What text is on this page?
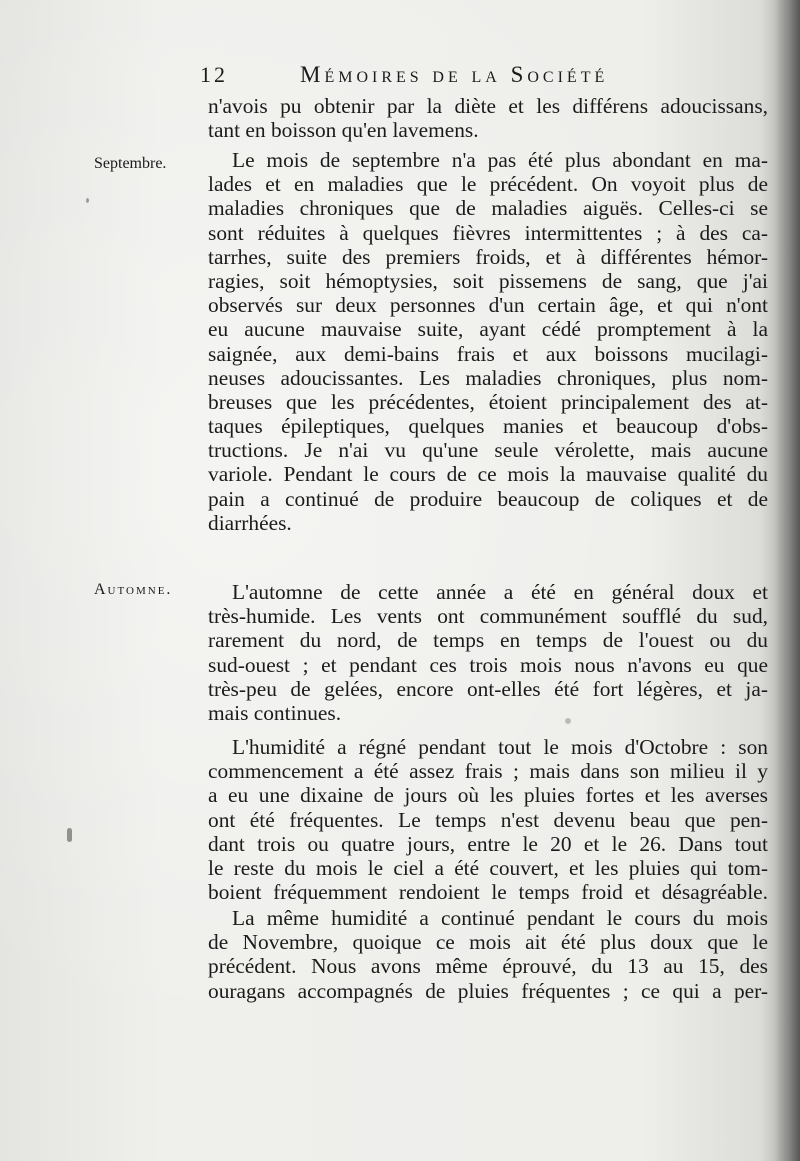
12	Mémoires de la Société
Septembre.
Automne.
n'avois pu obtenir par la diète et les différens adoucissans,
tant en boisson qu'en lavemens.
Le mois de septembre n'a pas été plus abondant en ma-
lades et en maladies que le précédent. On voyoit plus de
maladies chroniques que de maladies aiguës. Celles-ci se
sont réduites à quelques fièvres intermittentes ; à des ca-
tarrhes, suite des premiers froids, et à différentes hémor-
ragies, soit hémoptysies, soit pissemens de sang, que j'ai
observés sur deux personnes d'un certain âge, et qui n'ont
eu aucune mauvaise suite, ayant cédé promptement à la
saignée, aux demi-bains frais et aux boissons mucilagi-
neuses adoucissantes. Les maladies chroniques, plus nom-
breuses que les précédentes, étoient principalement des at-
taques épileptiques, quelques manies et beaucoup d'obs-
tructions. Je n'ai vu qu'une seule vérolette, mais aucune
variole. Pendant le cours de ce mois la mauvaise qualité du
pain a continué de produire beaucoup de coliques et de
diarrhées.
L'automne de cette année a été en général doux et
très-humide. Les vents ont communément soufflé du sud,
rarement du nord, de temps en temps de l'ouest ou du
sud-ouest ; et pendant ces trois mois nous n'avons eu que
très-peu de gelées, encore ont-elles été fort légères, et ja-
mais continues.
L'humidité a régné pendant tout le mois d'Octobre : son
commencement a été assez frais ; mais dans son milieu il y
a eu une dixaine de jours où les pluies fortes et les averses
ont été fréquentes. Le temps n'est devenu beau que pen-
dant trois ou quatre jours, entre le 20 et le 26. Dans tout
le reste du mois le ciel a été couvert, et les pluies qui tom-
boient fréquemment rendoient le temps froid et désagréable.
La même humidité a continué pendant le cours du mois
de Novembre, quoique ce mois ait été plus doux que le
précédent. Nous avons même éprouvé, du 13 au 15, des
ouragans accompagnés de pluies fréquentes ; ce qui a per-
